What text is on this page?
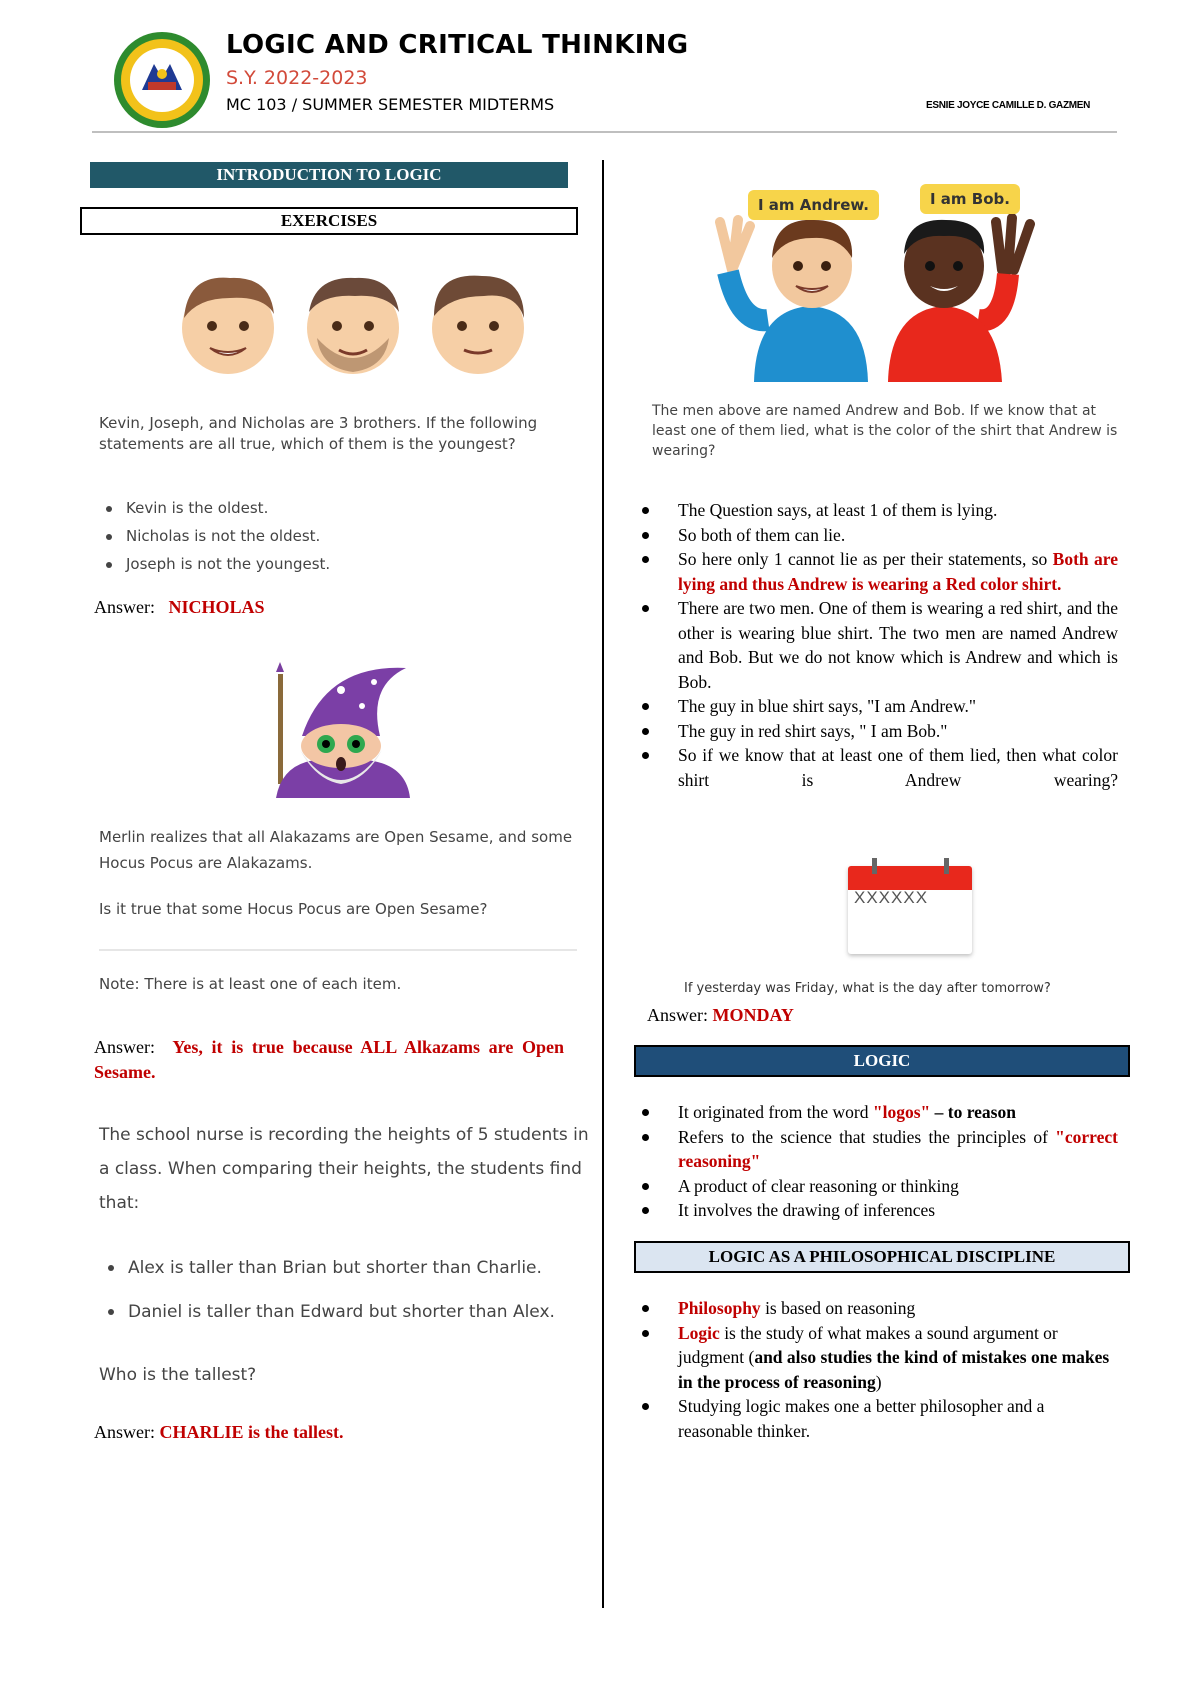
LOGIC AND CRITICAL THINKING
S.Y. 2022-2023
MC 103 / SUMMER SEMESTER MIDTERMS	ESNIE JOYCE CAMILLE D. GAZMEN
INTRODUCTION TO LOGIC
EXERCISES
Kevin, Joseph, and Nicholas are 3 brothers. If the following statements are all true, which of them is the youngest?
Kevin is the oldest.
Nicholas is not the oldest.
Joseph is not the youngest.
Answer: NICHOLAS
Merlin realizes that all Alakazams are Open Sesame, and some Hocus Pocus are Alakazams.
Is it true that some Hocus Pocus are Open Sesame?
Note: There is at least one of each item.
Answer: Yes, it is true because ALL Alkazams are Open Sesame.
The school nurse is recording the heights of 5 students in a class. When comparing their heights, the students find that:
Alex is taller than Brian but shorter than Charlie.
Daniel is taller than Edward but shorter than Alex.
Who is the tallest?
Answer: CHARLIE is the tallest.
I am Andrew.	I am Bob.
The men above are named Andrew and Bob. If we know that at least one of them lied, what is the color of the shirt that Andrew is wearing?
The Question says, at least 1 of them is lying.
So both of them can lie.
So here only 1 cannot lie as per their statements, so Both are lying and thus Andrew is wearing a Red color shirt.
There are two men. One of them is wearing a red shirt, and the other is wearing blue shirt. The two men are named Andrew and Bob. But we do not know which is Andrew and which is Bob.
The guy in blue shirt says, "I am Andrew."
The guy in red shirt says, " I am Bob."
So if we know that at least one of them lied, then what color shirt is Andrew wearing?
XXXXXX
If yesterday was Friday, what is the day after tomorrow?
Answer: MONDAY
LOGIC
It originated from the word "logos" – to reason
Refers to the science that studies the principles of "correct reasoning"
A product of clear reasoning or thinking
It involves the drawing of inferences
LOGIC AS A PHILOSOPHICAL DISCIPLINE
Philosophy is based on reasoning
Logic is the study of what makes a sound argument or judgment (and also studies the kind of mistakes one makes in the process of reasoning)
Studying logic makes one a better philosopher and a reasonable thinker.
